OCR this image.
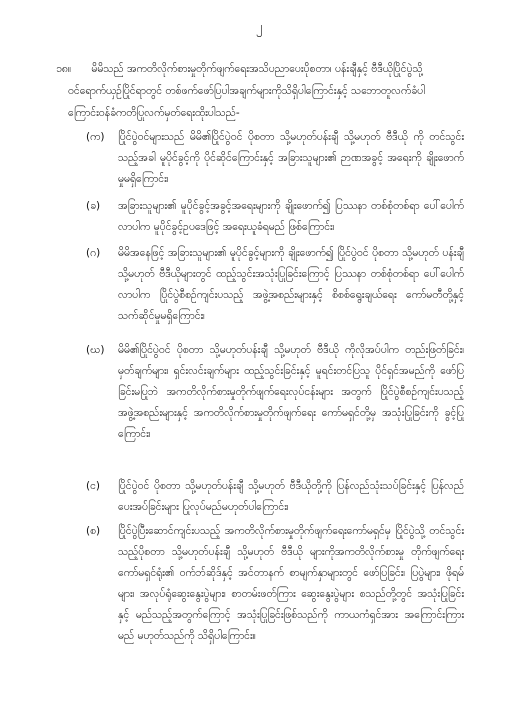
၂
၁၈။ မိမိသည် အကတိလိုက်စားမှုတိုက်ဖျက်ရေးအသိပညာပေးပိုစတာ၊ ပန်းချီနှင့် ဗီဒီယိုပြိုင်ပွဲသို့
ဝင်ရောက်ယှဉ်ပြိုင်ရာတွင် တစ်ဖက်ဖော်ပြပါအချက်များကိုသိရှိပါကြောင်းနှင့် သဘောတူလက်ခံပါ
ကြောင်းဝန်ခံကတိပြုလက်မှတ်ရေးထိုးပါသည်-
(က)	ပြိုင်ပွဲဝင်များသည် မိမိ၏ပြိုင်ပွဲဝင် ပိုစတာ သို့မဟုတ်ပန်းချီ သို့မဟုတ် ဗီဒီယို ကို တင်သွင်းသည့်အခါ မူပိုင်ခွင့်ကို ပိုင်ဆိုင်ကြောင်းနှင့် အခြားသူများ၏ ဉာဏအခွင့် အရေးကို ချိုးဖောက်မှုမရှိကြောင်း၊
(ခ)	အခြားသူများ၏ မူပိုင်ခွင့်အခွင့်အရေးများကို ချိုးဖောက်၍ ပြဿနာ တစ်စုံတစ်ရာ ပေါ်ပေါက်လာပါက မူပိုင်ခွင့်ဥပဒေဖြင့် အရေးယူခံရမည် ဖြစ်ကြောင်း၊
(ဂ)	မိမိအနေဖြင့် အခြားသူများ၏ မူပိုင်ခွင့်များကို ချိုးဖောက်၍ ပြိုင်ပွဲဝင် ပိုစတာ သို့မဟုတ် ပန်းချီ သို့မဟုတ် ဗီဒီယိုများတွင် ထည့်သွင်းအသုံးပြုခြင်းကြောင့် ပြဿနာ တစ်စုံတစ်ရာ ပေါ်ပေါက်လာပါက ပြိုင်ပွဲစီစဉ်ကျင်းပသည့် အဖွဲ့အစည်းများနှင့် စိစစ်ရွေးချယ်ရေး ကော်မတီတို့နှင့် သက်ဆိုင်မှုမရှိကြောင်း၊
(ဃ)	မိမိ၏ပြိုင်ပွဲဝင် ပိုစတာ သို့မဟုတ်ပန်းချီ သို့မဟုတ် ဗီဒီယို ကိုလိုအပ်ပါက တည်းဖြတ်ခြင်း၊ မှတ်ချက်များ၊ ရှင်းလင်းချက်များ ထည့်သွင်းခြင်းနှင့် မူရင်းတင်ပြသူ ပိုင်ရှင်အမည်ကို ဖော်ပြခြင်းမပြုဘဲ အကတိလိုက်စားမှုတိုက်ဖျက်ရေးလုပ်ငန်းများ အတွက် ပြိုင်ပွဲစီစဉ်ကျင်းပသည့်အဖွဲ့အစည်းများနှင့် အကတိလိုက်စားမှုတိုက်ဖျက်ရေး ကော်မရှင်တို့မှ အသုံးပြုခြင်းကို ခွင့်ပြုကြောင်း၊
(င)	ပြိုင်ပွဲဝင် ပိုစတာ သို့မဟုတ်ပန်းချီ သို့မဟုတ် ဗီဒီယိုတို့ကို ပြန်လည်သုံးသပ်ခြင်းနှင့် ပြန်လည်ပေးအပ်ခြင်းများ ပြုလုပ်မည်မဟုတ်ပါကြောင်း၊
(စ)	ပြိုင်ပွဲပြီးဆောင်ကျင်းပသည့် အကတိလိုက်စားမှုတိုက်ဖျက်ရေးကော်မရှင်မှ ပြိုင်ပွဲသို့ တင်သွင်းသည့်ပိုစတာ သို့မဟုတ်ပန်းချီ သို့မဟုတ် ဗီဒီယို များကိုအကတိလိုက်စားမှု တိုက်ဖျက်ရေး ကော်မရှင်ရုံး၏ ဝက်ဘ်ဆိုဒ်နှင့် အင်တာနက် စာမျက်နှာများတွင် ဖော်ပြခြင်း၊ ပြပွဲများ၊ ဖိုရမ်များ၊ အလုပ်ရုံဆွေးနွေးပွဲများ၊ စာတမ်းဖတ်ကြား ဆွေးနွေးပွဲများ စသည်တို့တွင် အသုံးပြုခြင်းနှင့် မည်သည့်အတွက်ကြောင့် အသုံးပြုခြင်းဖြစ်သည်ကို ကာယကံရှင်အား အကြောင်းကြားမည် မဟုတ်သည်ကို သိရှိပါကြောင်း။
